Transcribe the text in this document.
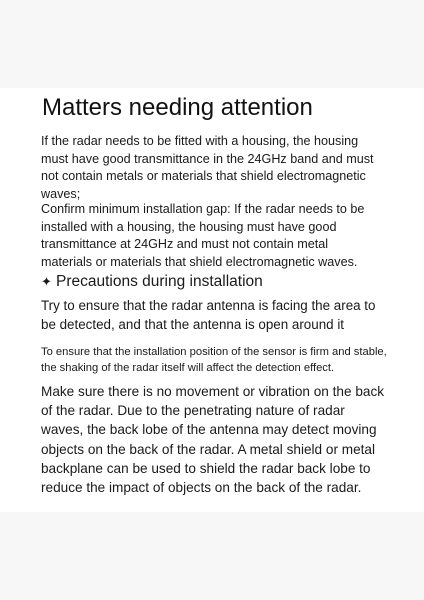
Matters needing attention

If the radar needs to be fitted with a housing, the housing must have good transmittance in the 24GHz band and must not contain metals or materials that shield electromagnetic waves;

Confirm minimum installation gap: If the radar needs to be installed with a housing, the housing must have good transmittance at 24GHz and must not contain metal materials or materials that shield electromagnetic waves.

✦ Precautions during installation

Try to ensure that the radar antenna is facing the area to be detected, and that the antenna is open around it

To ensure that the installation position of the sensor is firm and stable, the shaking of the radar itself will affect the detection effect.

Make sure there is no movement or vibration on the back of the radar. Due to the penetrating nature of radar waves, the back lobe of the antenna may detect moving objects on the back of the radar. A metal shield or metal backplane can be used to shield the radar back lobe to reduce the impact of objects on the back of the radar.
